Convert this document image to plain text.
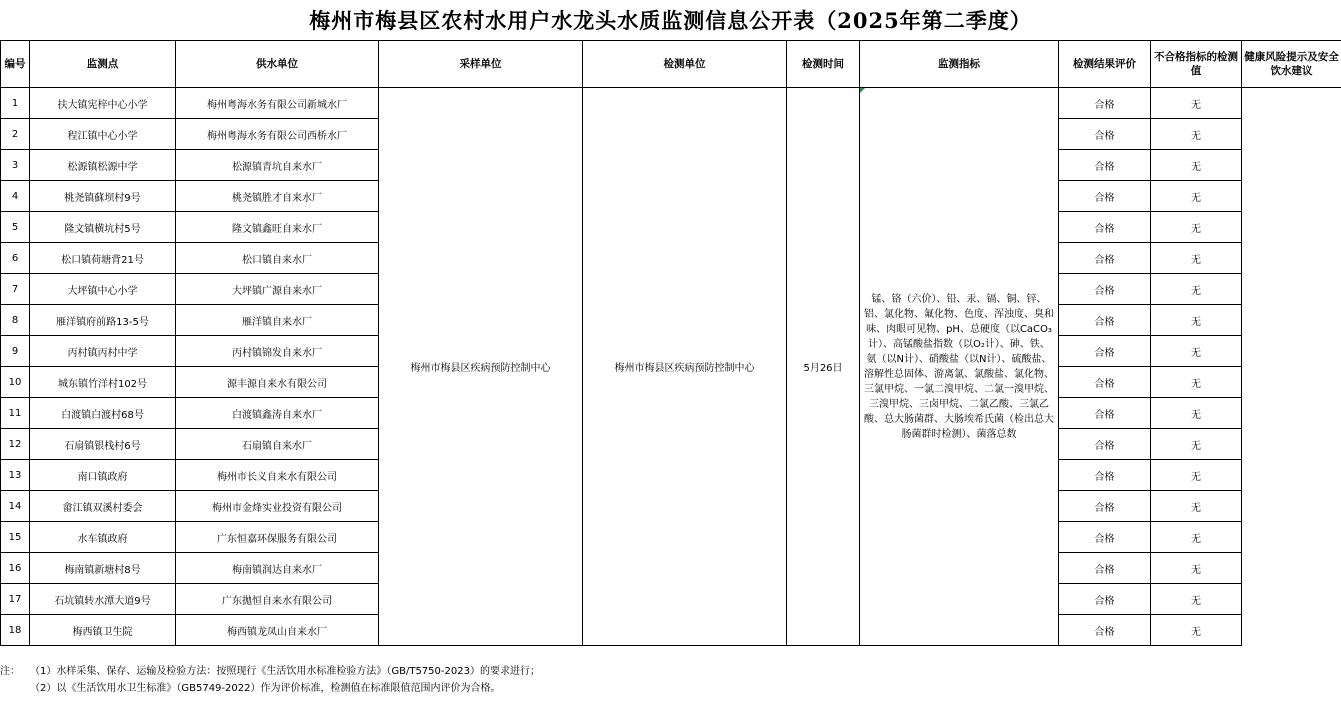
梅州市梅县区农村水用户水龙头水质监测信息公开表（2025年第二季度）
编号	监测点	供水单位	采样单位	检测单位	检测时间	监测指标	检测结果评价	不合格指标的检测值	健康风险提示及安全饮水建议
1	扶大镇宪梓中心小学	梅州粤海水务有限公司新城水厂	梅州市梅县区疾病预防控制中心	梅州市梅县区疾病预防控制中心	5月26日	锰、铬（六价）、铅、汞、镉、铜、锌、铝、氯化物、氟化物、色度、浑浊度、臭和味、肉眼可见物、pH、总硬度（以CaCO₃计）、高锰酸盐指数（以O₂计）、砷、铁、氨（以N计）、硝酸盐（以N计）、硫酸盐、溶解性总固体、游离氯、氯酸盐、氯化物、三氯甲烷、一氯二溴甲烷、二氯一溴甲烷、三溴甲烷、三卤甲烷、二氯乙酸、三氯乙酸、总大肠菌群、大肠埃希氏菌（检出总大肠菌群时检测）、菌落总数	合格	无	
2	程江镇中心小学	梅州粤海水务有限公司西桥水厂					合格	无	
3	松源镇松源中学	松源镇青坑自来水厂					合格	无	
4	桃尧镇蘇坝村9号	桃尧镇胜才自来水厂					合格	无	
5	隆文镇横坑村5号	隆文镇鑫旺自来水厂					合格	无	
6	松口镇荷塘背21号	松口镇自来水厂					合格	无	
7	大坪镇中心小学	大坪镇广源自来水厂					合格	无	
8	雁洋镇府前路13-5号	雁洋镇自来水厂					合格	无	
9	丙村镇丙村中学	丙村镇锦发自来水厂					合格	无	
10	城东镇竹洋村102号	源丰源自来水有限公司					合格	无	
11	白渡镇白渡村68号	白渡镇鑫涛自来水厂					合格	无	
12	石扇镇银栈村6号	石扇镇自来水厂					合格	无	
13	南口镇政府	梅州市长义自来水有限公司					合格	无	
14	畲江镇双溪村委会	梅州市金烽实业投资有限公司					合格	无	
15	水车镇政府	广东恒嘉环保服务有限公司					合格	无	
16	梅南镇新塘村8号	梅南镇润达自来水厂					合格	无	
17	石坑镇转水潭大道9号	广东拋恒自来水有限公司					合格	无	
18	梅西镇卫生院	梅西镇龙凤山自来水厂					合格	无	
注： （1）水样采集、保存、运输及检验方法：按照现行《生活饮用水标准检验方法》（GB/T5750-2023）的要求进行；
（2）以《生活饮用水卫生标准》（GB5749-2022）作为评价标准，检测值在标准限值范围内评价为合格。
